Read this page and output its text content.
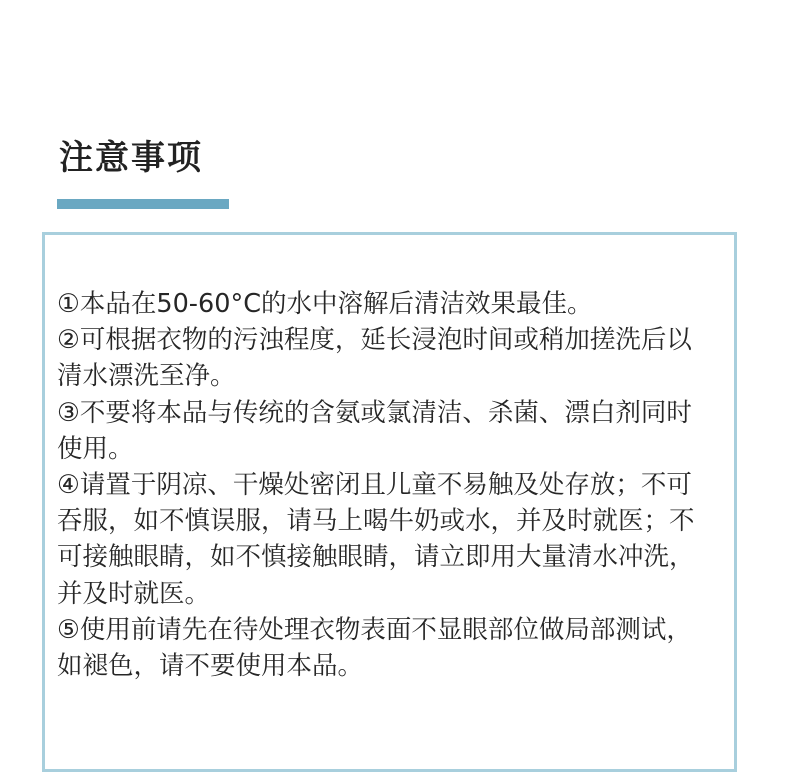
注意事项
①本品在50-60°C的水中溶解后清洁效果最佳。
②可根据衣物的污浊程度，延长浸泡时间或稍加搓洗后以
清水漂洗至净。
③不要将本品与传统的含氨或氯清洁、杀菌、漂白剂同时
使用。
④请置于阴凉、干燥处密闭且儿童不易触及处存放；不可
吞服，如不慎误服，请马上喝牛奶或水，并及时就医；不
可接触眼睛，如不慎接触眼睛，请立即用大量清水冲洗，
并及时就医。
⑤使用前请先在待处理衣物表面不显眼部位做局部测试，
如褪色，请不要使用本品。
